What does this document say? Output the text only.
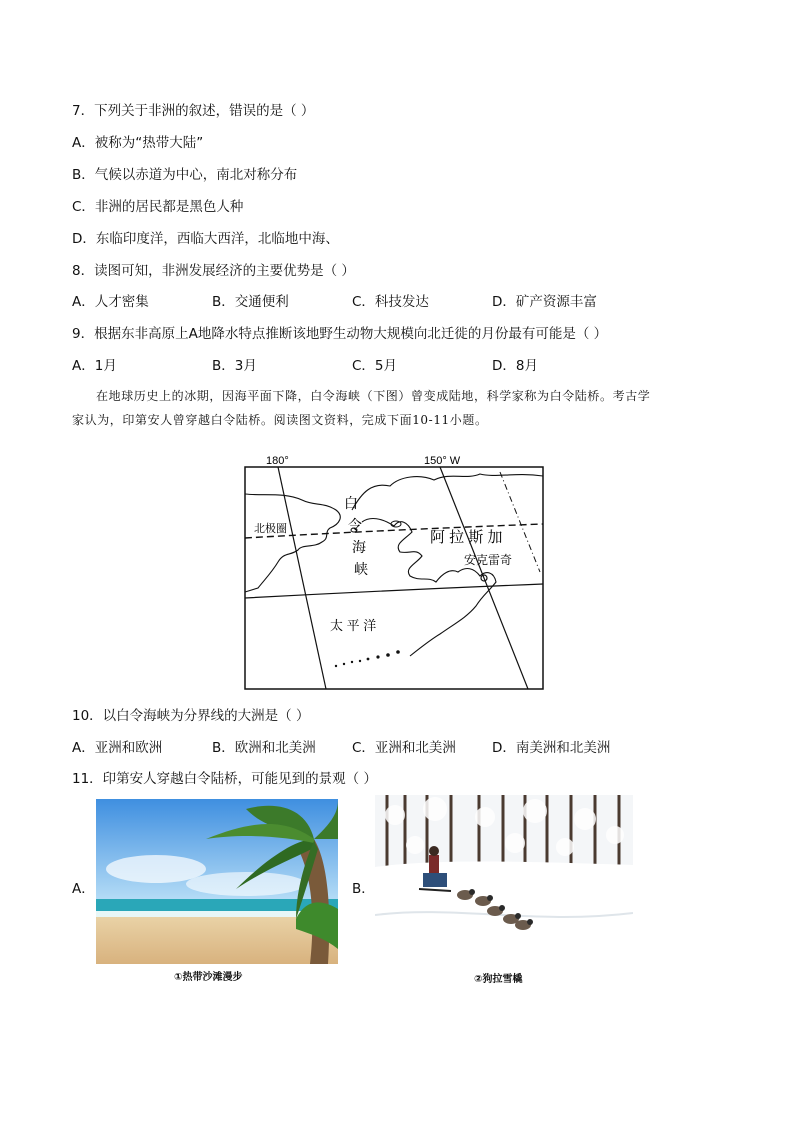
7．下列关于非洲的叙述，错误的是（ ）
A．被称为“热带大陆”
B．气候以赤道为中心，南北对称分布
C．非洲的居民都是黑色人种
D．东临印度洋，西临大西洋，北临地中海、
8．读图可知，非洲发展经济的主要优势是（ ）
A．人才密集	B．交通便利	C．科技发达	D．矿产资源丰富
9．根据东非高原上A地降水特点推断该地野生动物大规模向北迁徙的月份最有可能是（ ）
A．1月	B．3月	C．5月	D．8月
在地球历史上的冰期，因海平面下降，白令海峡（下图）曾变成陆地，科学家称为白令陆桥。考古学
家认为，印第安人曾穿越白令陆桥。阅读图文资料，完成下面10-11小题。
180°	150° W
北极圈
白
令
海
峡
阿 拉 斯 加
安克雷奇
太 平 洋
10．以白令海峡为分界线的大洲是（ ）
A．亚洲和欧洲	B．欧洲和北美洲	C．亚洲和北美洲	D．南美洲和北美洲
11．印第安人穿越白令陆桥，可能见到的景观（ ）
A．
①热带沙滩漫步
B．
②狗拉雪橇
